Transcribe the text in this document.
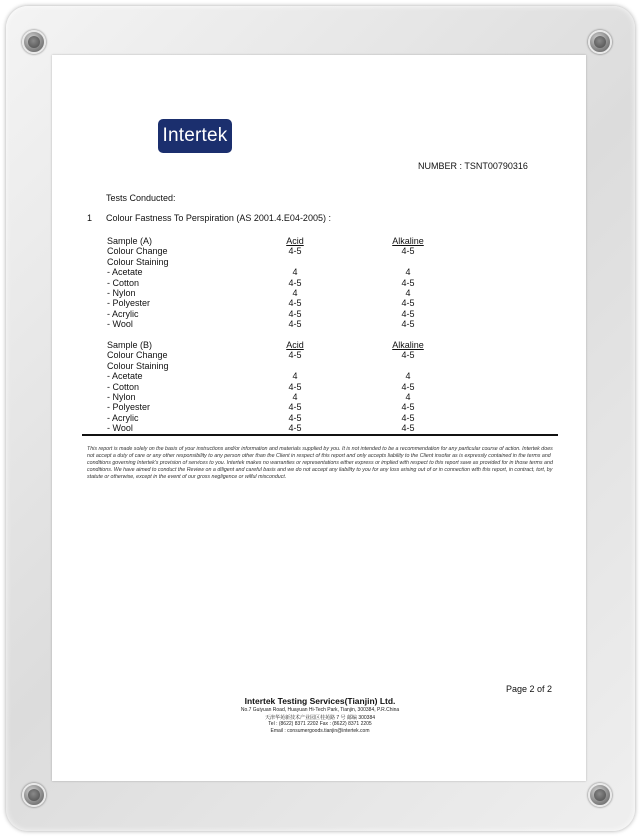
Intertek
NUMBER : TSNT00790316
Tests Conducted:
1 Colour Fastness To Perspiration (AS 2001.4.E04-2005) :
Sample (A)	Acid	Alkaline
Colour Change	4-5	4-5
Colour Staining
- Acetate	4	4
- Cotton	4-5	4-5
- Nylon	4	4
- Polyester	4-5	4-5
- Acrylic	4-5	4-5
- Wool	4-5	4-5
Sample (B)	Acid	Alkaline
Colour Change	4-5	4-5
Colour Staining
- Acetate	4	4
- Cotton	4-5	4-5
- Nylon	4	4
- Polyester	4-5	4-5
- Acrylic	4-5	4-5
- Wool	4-5	4-5
This report is made solely on the basis of your instructions and/or information and materials supplied by you. It is not intended to be a recommendation for any particular course of action. Intertek does not accept a duty of care or any other responsibility to any person other than the Client in respect of this report and only accepts liability to the Client insofar as is expressly contained in the terms and conditions governing Intertek's provision of services to you. Intertek makes no warranties or representations either express or implied with respect to this report save as provided for in those terms and conditions. We have aimed to conduct the Review on a diligent and careful basis and we do not accept any liability to you for any loss arising out of or in connection with this report, in contract, tort, by statute or otherwise, except in the event of our gross negligence or wilful misconduct.
Page 2 of 2
Intertek Testing Services(Tianjin) Ltd.
No.7 Guiyuan Road, Huayuan Hi-Tech Park, Tianjin, 300384, P.R.China
天津华苑新技术产业园区桂苑路 7 号 邮编 300384
Tel : (8622) 8371 2202 Fax : (8622) 8371 2205
Email : consumergoods.tianjin@intertek.com
